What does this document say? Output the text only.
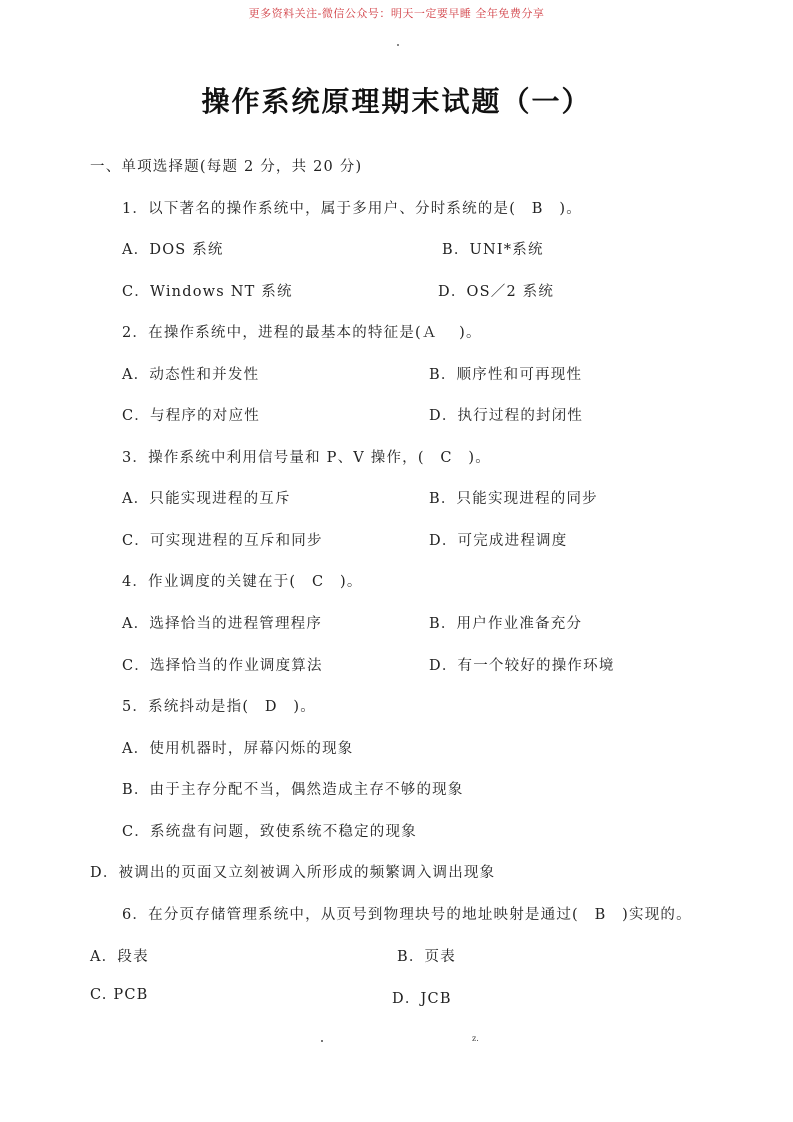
更多资料关注-微信公众号：明天一定要早睡 全年免费分享
操作系统原理期末试题（一）
一、单项选择题(每题 2 分，共 20 分)
1．以下著名的操作系统中，属于多用户、分时系统的是(　B　)。
A．DOS 系统	B．UNI*系统
C．Windows NT 系统	D．OS／2 系统
2．在操作系统中，进程的最基本的特征是(Ａ　 )。
A．动态性和并发性	B．顺序性和可再现性
C．与程序的对应性	D．执行过程的封闭性
3．操作系统中利用信号量和 P、V 操作，(　C　)。
A．只能实现进程的互斥	B．只能实现进程的同步
C．可实现进程的互斥和同步	D．可完成进程调度
4．作业调度的关键在于(　C　)。
A．选择恰当的进程管理程序	B．用户作业准备充分
C．选择恰当的作业调度算法	D．有一个较好的操作环境
5．系统抖动是指(　D　)。
A．使用机器时，屏幕闪烁的现象
B．由于主存分配不当，偶然造成主存不够的现象
C．系统盘有问题，致使系统不稳定的现象
D．被调出的页面又立刻被调入所形成的频繁调入调出现象
6．在分页存储管理系统中，从页号到物理块号的地址映射是通过(　B　)实现的。
A．段表	B．页表
C. PCB	D．JCB
z.
